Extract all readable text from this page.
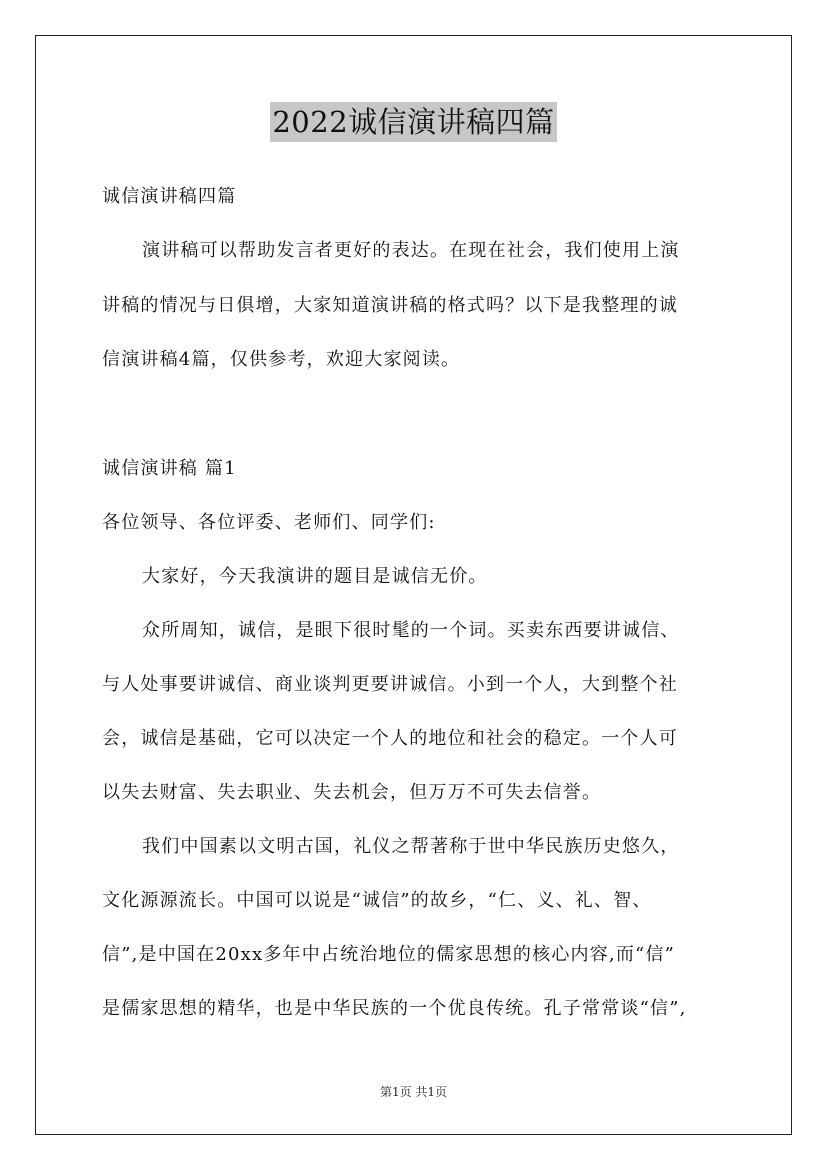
2022诚信演讲稿四篇
诚信演讲稿四篇
演讲稿可以帮助发言者更好的表达。在现在社会，我们使用上演
讲稿的情况与日俱增，大家知道演讲稿的格式吗？以下是我整理的诚
信演讲稿4篇，仅供参考，欢迎大家阅读。
诚信演讲稿 篇1
各位领导、各位评委、老师们、同学们:
大家好，今天我演讲的题目是诚信无价。
众所周知，诚信，是眼下很时髦的一个词。买卖东西要讲诚信、
与人处事要讲诚信、商业谈判更要讲诚信。小到一个人，大到整个社
会，诚信是基础，它可以决定一个人的地位和社会的稳定。一个人可
以失去财富、失去职业、失去机会，但万万不可失去信誉。
我们中国素以文明古国，礼仪之帮著称于世中华民族历史悠久，
文化源源流长。中国可以说是“诚信”的故乡，“仁、义、礼、智、
信”,是中国在20xx多年中占统治地位的儒家思想的核心内容,而“信”
是儒家思想的精华，也是中华民族的一个优良传统。孔子常常谈“信”,
第1页 共1页
